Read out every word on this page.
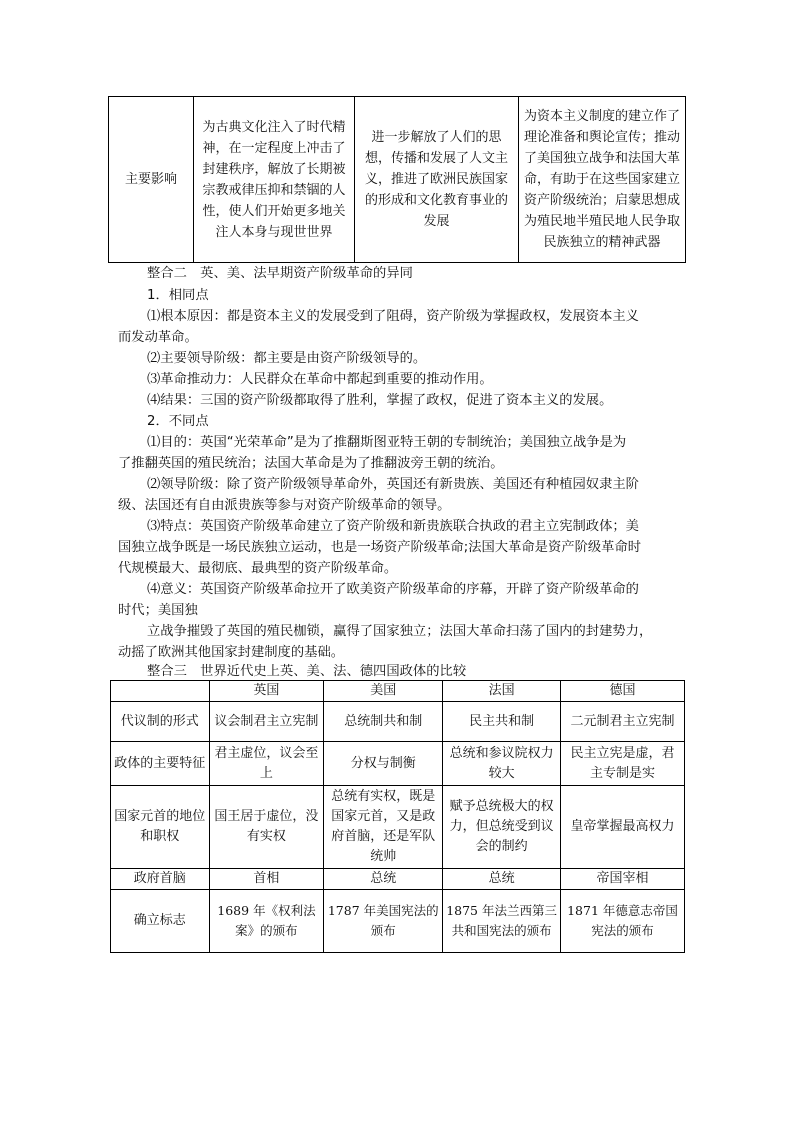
主要影响	为古典文化注入了时代精神，在一定程度上冲击了封建秩序，解放了长期被宗教戒律压抑和禁锢的人性，使人们开始更多地关注人本身与现世世界	进一步解放了人们的思想，传播和发展了人文主义，推进了欧洲民族国家的形成和文化教育事业的发展	为资本主义制度的建立作了理论准备和舆论宣传；推动了美国独立战争和法国大革命，有助于在这些国家建立资产阶级统治；启蒙思想成为殖民地半殖民地人民争取民族独立的精神武器
整合二　英、美、法早期资产阶级革命的异同
1．相同点
⑴根本原因：都是资本主义的发展受到了阻碍，资产阶级为掌握政权，发展资本主义
而发动革命。
⑵主要领导阶级：都主要是由资产阶级领导的。
⑶革命推动力：人民群众在革命中都起到重要的推动作用。
⑷结果：三国的资产阶级都取得了胜利，掌握了政权，促进了资本主义的发展。
2．不同点
⑴目的：英国“光荣革命”是为了推翻斯图亚特王朝的专制统治；美国独立战争是为
了推翻英国的殖民统治；法国大革命是为了推翻波旁王朝的统治。
⑵领导阶级：除了资产阶级领导革命外，英国还有新贵族、美国还有种植园奴隶主阶
级、法国还有自由派贵族等参与对资产阶级革命的领导。
⑶特点：英国资产阶级革命建立了资产阶级和新贵族联合执政的君主立宪制政体；美
国独立战争既是一场民族独立运动，也是一场资产阶级革命;法国大革命是资产阶级革命时
代规模最大、最彻底、最典型的资产阶级革命。
⑷意义：英国资产阶级革命拉开了欧美资产阶级革命的序幕，开辟了资产阶级革命的
时代；美国独
立战争摧毁了英国的殖民枷锁，赢得了国家独立；法国大革命扫荡了国内的封建势力，
动摇了欧洲其他国家封建制度的基础。
整合三　世界近代史上英、美、法、德四国政体的比较
	英国	美国	法国	德国
代议制的形式	议会制君主立宪制	总统制共和制	民主共和制	二元制君主立宪制
政体的主要特征	君主虚位，议会至上	分权与制衡	总统和参议院权力较大	民主立宪是虚，君主专制是实
国家元首的地位和职权	国王居于虚位，没有实权	总统有实权，既是国家元首，又是政府首脑，还是军队统帅	赋予总统极大的权力，但总统受到议会的制约	皇帝掌握最高权力
政府首脑	首相	总统	总统	帝国宰相
确立标志	1689 年《权利法案》的颁布	1787 年美国宪法的颁布	1875 年法兰西第三共和国宪法的颁布	1871 年德意志帝国宪法的颁布
